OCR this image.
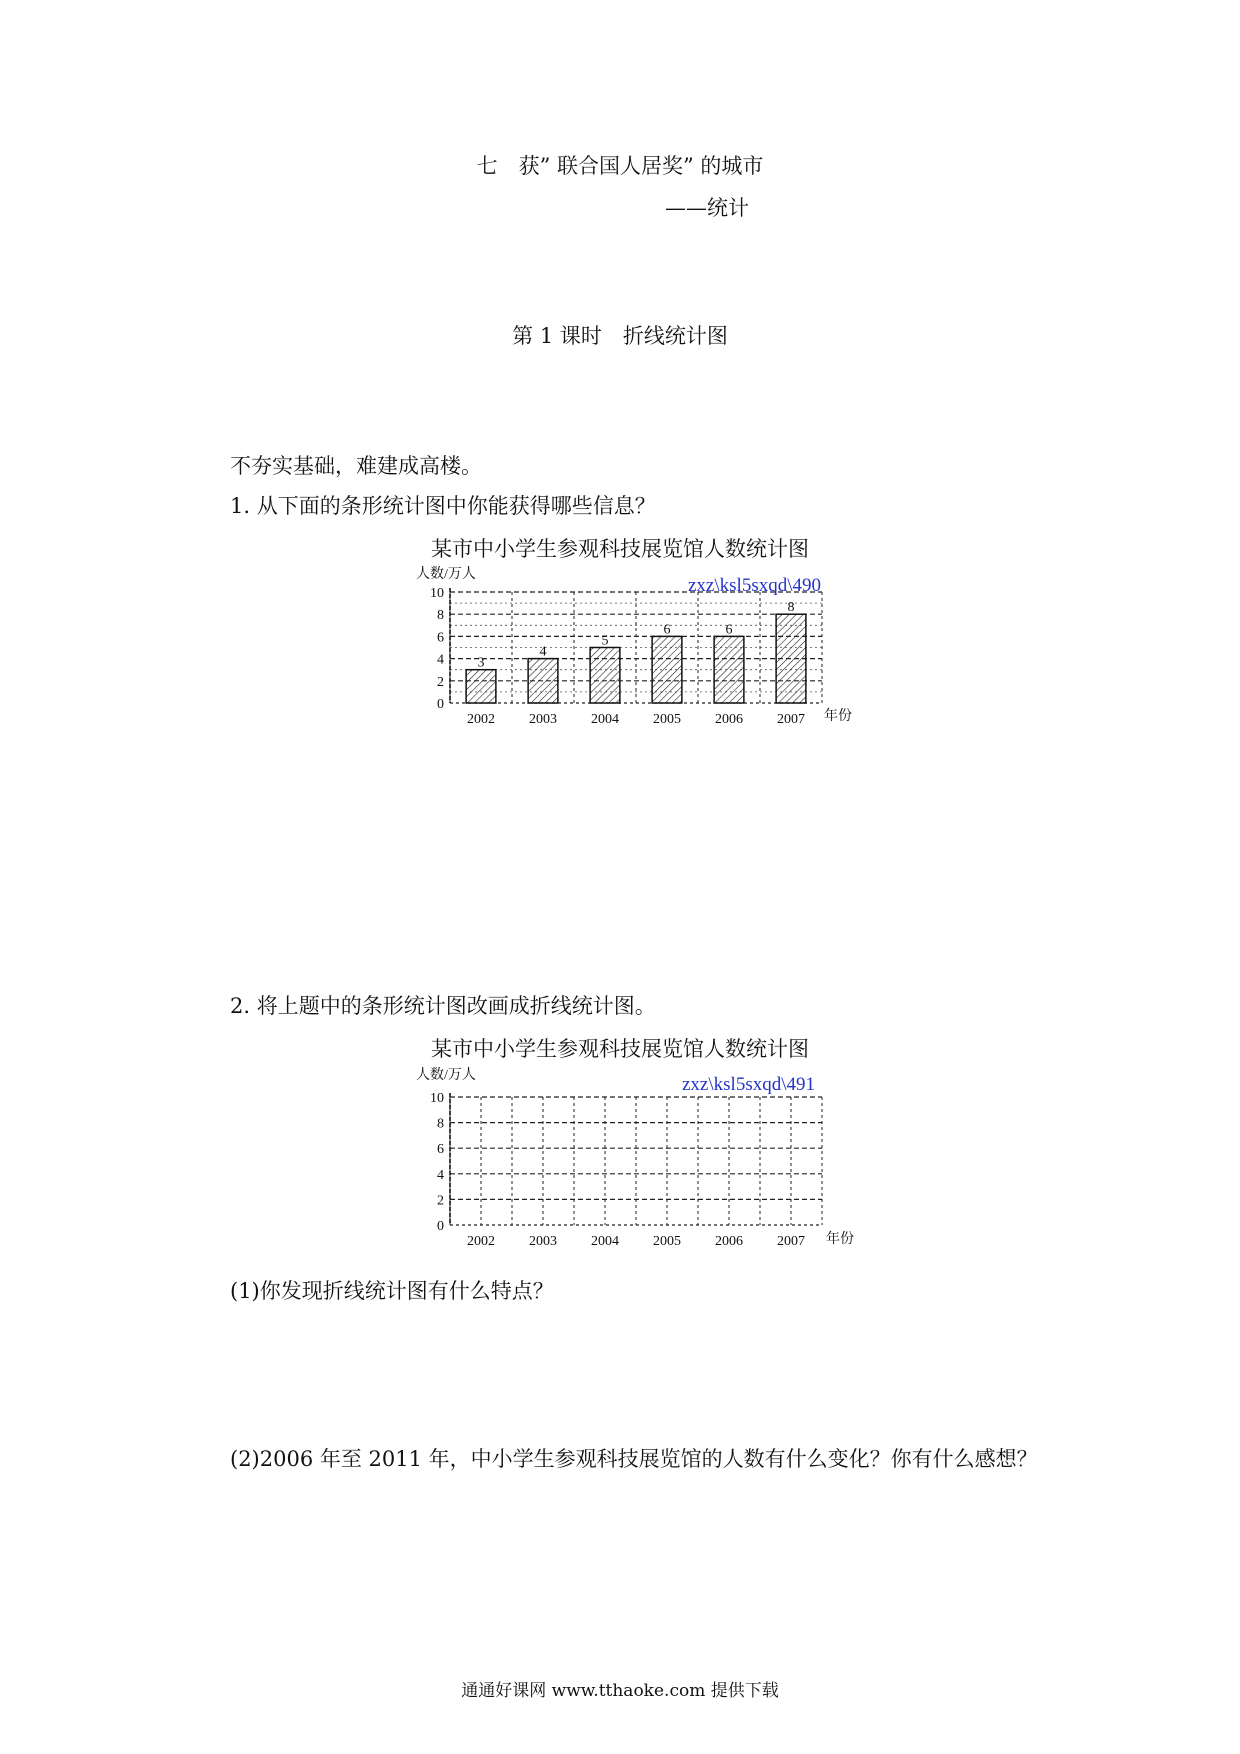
七　获” 联合国人居奖” 的城市
——统计
第 1 课时　折线统计图
不夯实基础，难建成高楼。
1. 从下面的条形统计图中你能获得哪些信息？
某市中小学生参观科技展览馆人数统计图
人数/万人
zxz\ksl5sxqd\490
年份
0
2
4
6
8
10
2002 2003 2004 2005 2006 2007
3
4
5
6	6
8
2. 将上题中的条形统计图改画成折线统计图。
某市中小学生参观科技展览馆人数统计图
人数/万人	zxz\ksl5sxqd\491
年份
0
2
4
6
8
10
2002 2003 2004 2005 2006 2007
(1)你发现折线统计图有什么特点？
(2)2006 年至 2011 年，中小学生参观科技展览馆的人数有什么变化？你有什么感想？
通通好课网 www.tthaoke.com 提供下载
